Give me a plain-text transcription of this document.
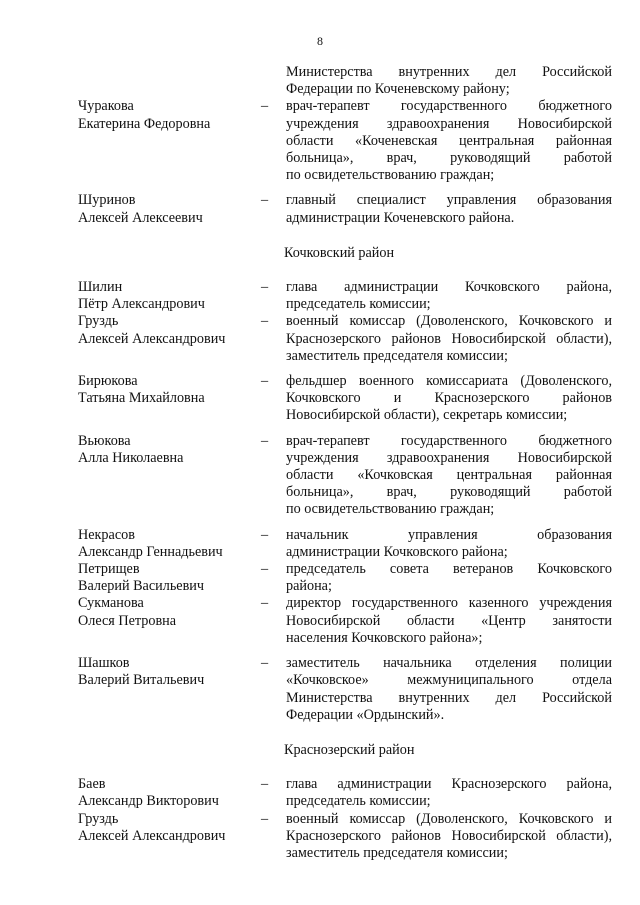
8
Министерства внутренних дел Российской
Федерации по Коченевскому району;
Чуракова
Екатерина Федоровна
–	врач-терапевт государственного бюджетного
учреждения здравоохранения Новосибирской
области «Коченевская центральная районная
больница», врач, руководящий работой
по освидетельствованию граждан;
Шуринов
Алексей Алексеевич
–	главный специалист управления образования
администрации Коченевского района.
Кочковский район
Шилин
Пётр Александрович
–	глава администрации Кочковского района,
председатель комиссии;
Груздь
Алексей Александрович
–	военный комиссар (Доволенского, Кочковского и
Краснозерского районов Новосибирской области),
заместитель председателя комиссии;
Бирюкова
Татьяна Михайловна
–	фельдшер военного комиссариата (Доволенского,
Кочковского и Краснозерского районов
Новосибирской области), секретарь комиссии;
Вьюкова
Алла Николаевна
–	врач-терапевт государственного бюджетного
учреждения здравоохранения Новосибирской
области «Кочковская центральная районная
больница», врач, руководящий работой
по освидетельствованию граждан;
Некрасов
Александр Геннадьевич
–	начальник управления образования
администрации Кочковского района;
Петрищев
Валерий Васильевич
–	председатель совета ветеранов Кочковского
района;
Сукманова
Олеся Петровна
–	директор государственного казенного учреждения
Новосибирской области «Центр занятости
населения Кочковского района»;
Шашков
Валерий Витальевич
–	заместитель начальника отделения полиции
«Кочковское» межмуниципального отдела
Министерства внутренних дел Российской
Федерации «Ордынский».
Краснозерский район
Баев
Александр Викторович
–	глава администрации Краснозерского района,
председатель комиссии;
Груздь
Алексей Александрович
–	военный комиссар (Доволенского, Кочковского и
Краснозерского районов Новосибирской области),
заместитель председателя комиссии;
